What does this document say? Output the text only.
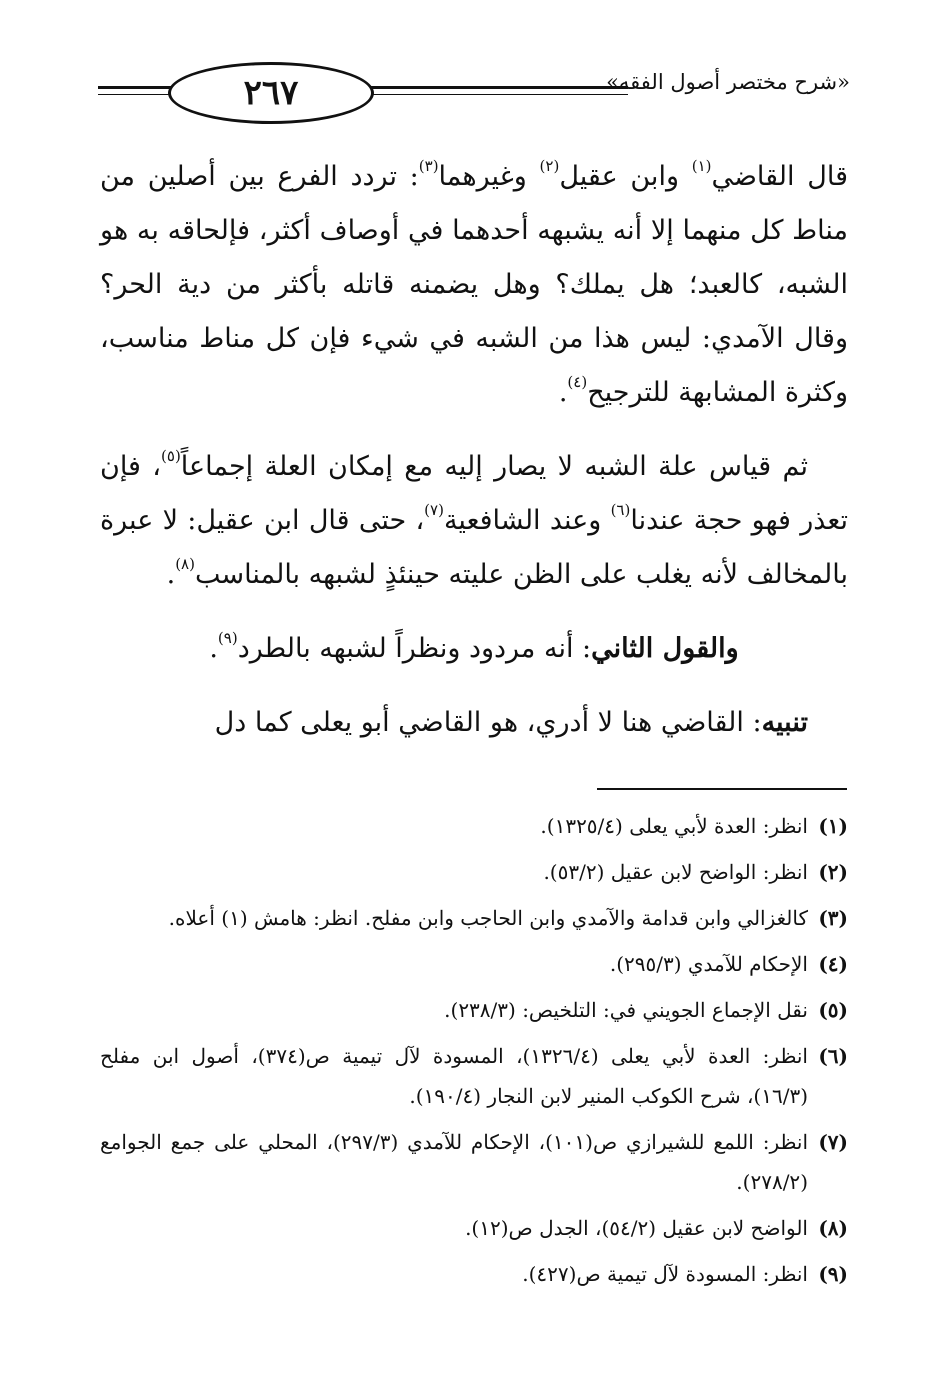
٢٦٧	«شرح مختصر أصول الفقه»

قال القاضي$^{(١)}$ وابن عقيل$^{(٢)}$ وغيرهما$^{(٣)}$: تردد الفرع بين أصلين من مناط كل منهما إلا أنه يشبهه أحدهما في أوصاف أكثر، فإلحاقه به هو الشبه، كالعبد؛ هل يملك؟ وهل يضمنه قاتله بأكثر من دية الحر؟ وقال الآمدي: ليس هذا من الشبه في شيء فإن كل مناط مناسب، وكثرة المشابهة للترجيح$^{(٤)}$.

ثم قياس علة الشبه لا يصار إليه مع إمكان العلة إجماعاً$^{(٥)}$، فإن تعذر فهو حجة عندنا$^{(٦)}$ وعند الشافعية$^{(٧)}$، حتى قال ابن عقيل: لا عبرة بالمخالف لأنه يغلب على الظن عليته حينئذٍ لشبهه بالمناسب$^{(٨)}$.

والقول الثاني: أنه مردود ونظراً لشبهه بالطرد$^{(٩)}$.

تنبيه: القاضي هنا لا أدري، هو القاضي أبو يعلى كما دل

(١)
انظر: العدة لأبي يعلى (١٣٢٥/٤).
(٢)
انظر: الواضح لابن عقيل (٥٣/٢).
(٣)
كالغزالي وابن قدامة والآمدي وابن الحاجب وابن مفلح. انظر: هامش (١) أعلاه.
(٤)
الإحكام للآمدي (٢٩٥/٣).
(٥)
نقل الإجماع الجويني في: التلخيص: (٢٣٨/٣).
(٦)
انظر: العدة لأبي يعلى (١٣٢٦/٤)، المسودة لآل تيمية ص(٣٧٤)، أصول ابن مفلح (١٦/٣)، شرح الكوكب المنير لابن النجار (١٩٠/٤).
(٧)
انظر: اللمع للشيرازي ص(١٠١)، الإحكام للآمدي (٢٩٧/٣)، المحلي على جمع الجوامع (٢٧٨/٢).
(٨)
الواضح لابن عقيل (٥٤/٢)، الجدل ص(١٢).
(٩)
انظر: المسودة لآل تيمية ص(٤٢٧).
